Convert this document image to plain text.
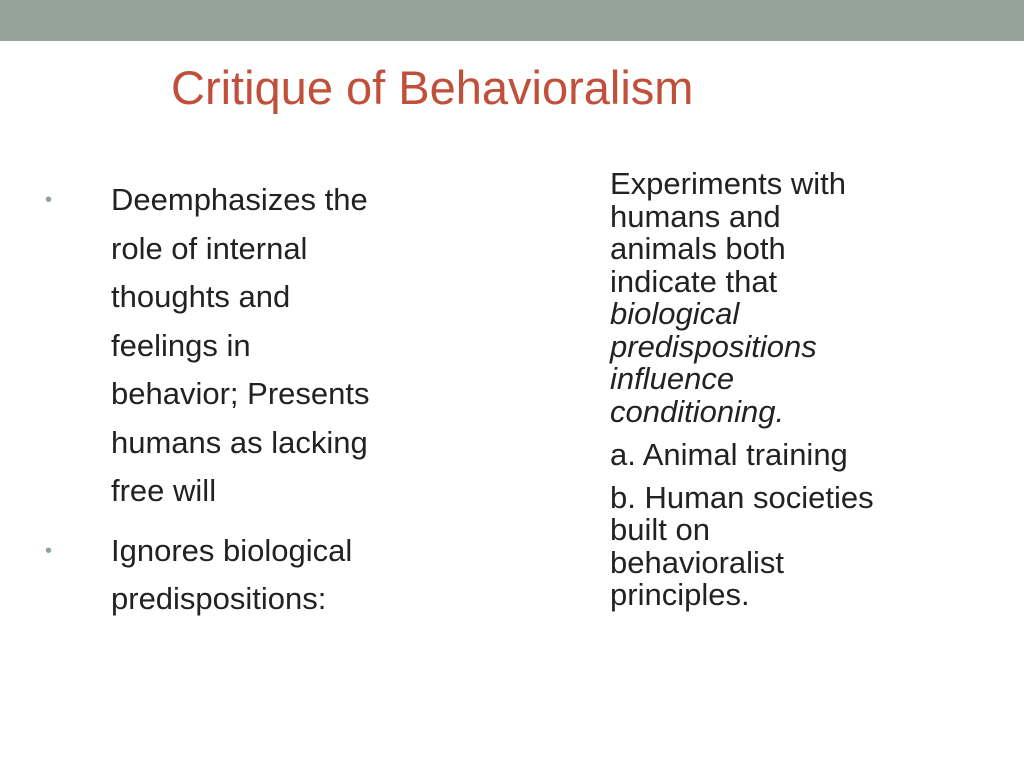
Critique of Behavioralism
• Deemphasizes the
role of internal
thoughts and
feelings in
behavior; Presents
humans as lacking
free will
• Ignores biological
predispositions:

Experiments with
humans and
animals both
indicate that
biological
predispositions
influence
conditioning.

a. Animal training

b. Human societies
built on
behavioralist
principles.
